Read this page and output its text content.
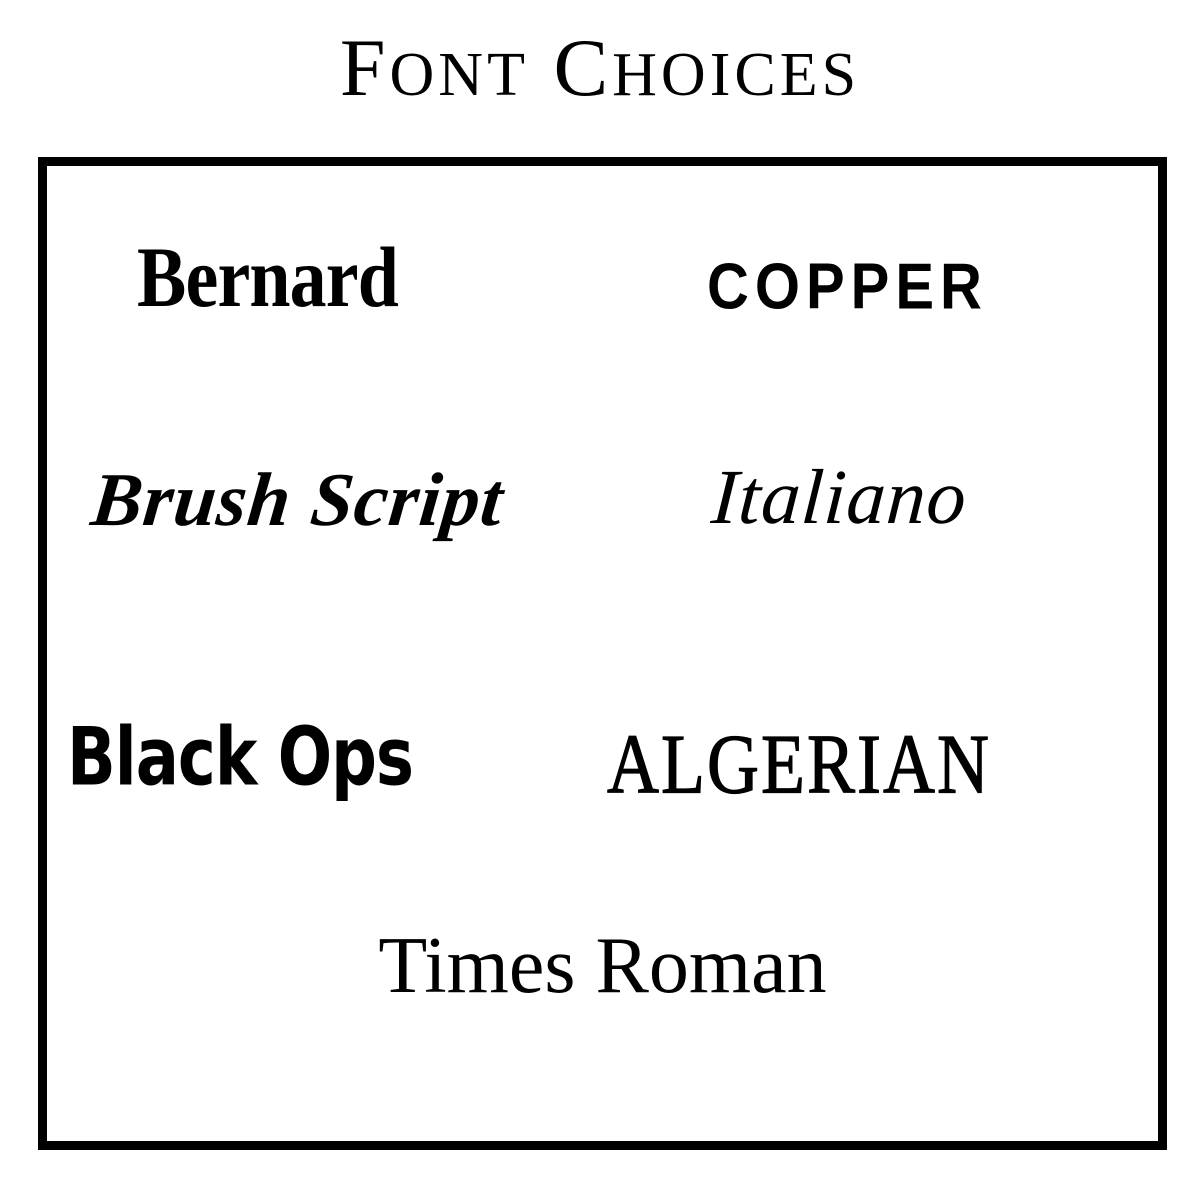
FONT CHOICES
Bernard	COPPER
Brush Script	Italiano
Black Ops	ALGERIAN
Times Roman
